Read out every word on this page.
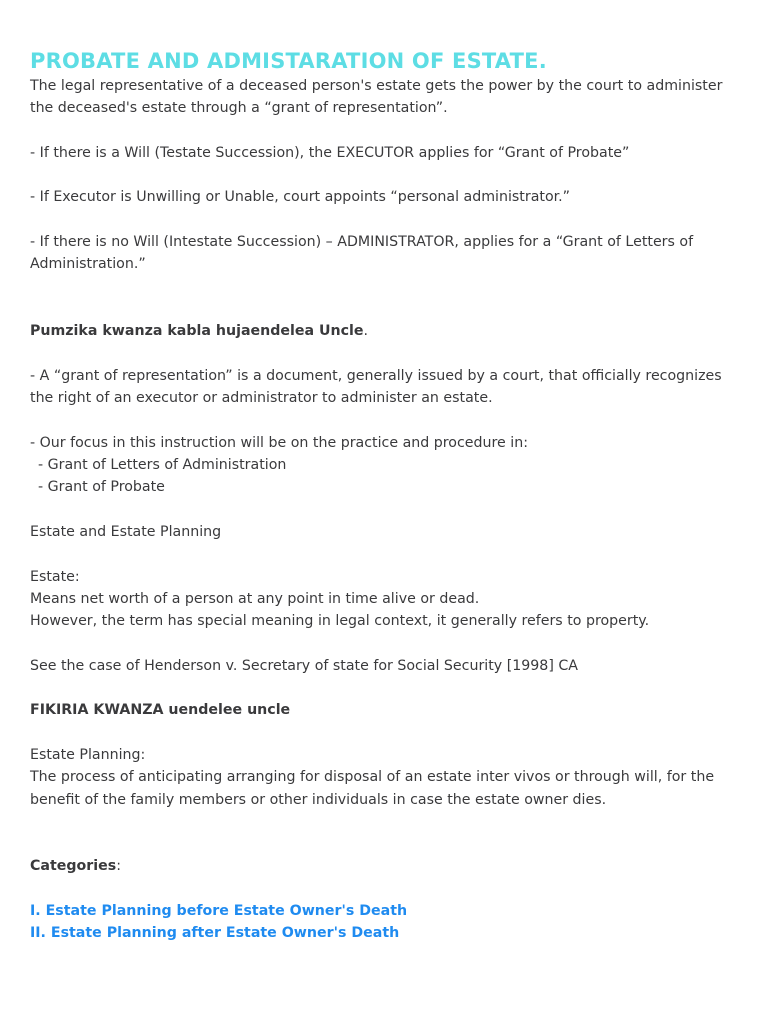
PROBATE AND ADMISTARATION OF ESTATE.

The legal representative of a deceased person's estate gets the power by the court to administer the deceased's estate through a “grant of representation”.

- If there is a Will (Testate Succession), the EXECUTOR applies for “Grant of Probate”

- If Executor is Unwilling or Unable, court appoints “personal administrator.”

- If there is no Will (Intestate Succession) – ADMINISTRATOR, applies for a “Grant of Letters of Administration.”

Pumzika kwanza kabla hujaendelea Uncle.

- A “grant of representation” is a document, generally issued by a court, that officially recognizes the right of an executor or administrator to administer an estate.

- Our focus in this instruction will be on the practice and procedure in:

- Grant of Letters of Administration

- Grant of Probate

Estate and Estate Planning

Estate:

Means net worth of a person at any point in time alive or dead.

However, the term has special meaning in legal context, it generally refers to property.

See the case of Henderson v. Secretary of state for Social Security [1998] CA

FIKIRIA KWANZA uendelee uncle

Estate Planning:

The process of anticipating arranging for disposal of an estate inter vivos or through will, for the benefit of the family members or other individuals in case the estate owner dies.

Categories:

I. Estate Planning before Estate Owner's Death

II. Estate Planning after Estate Owner's Death
